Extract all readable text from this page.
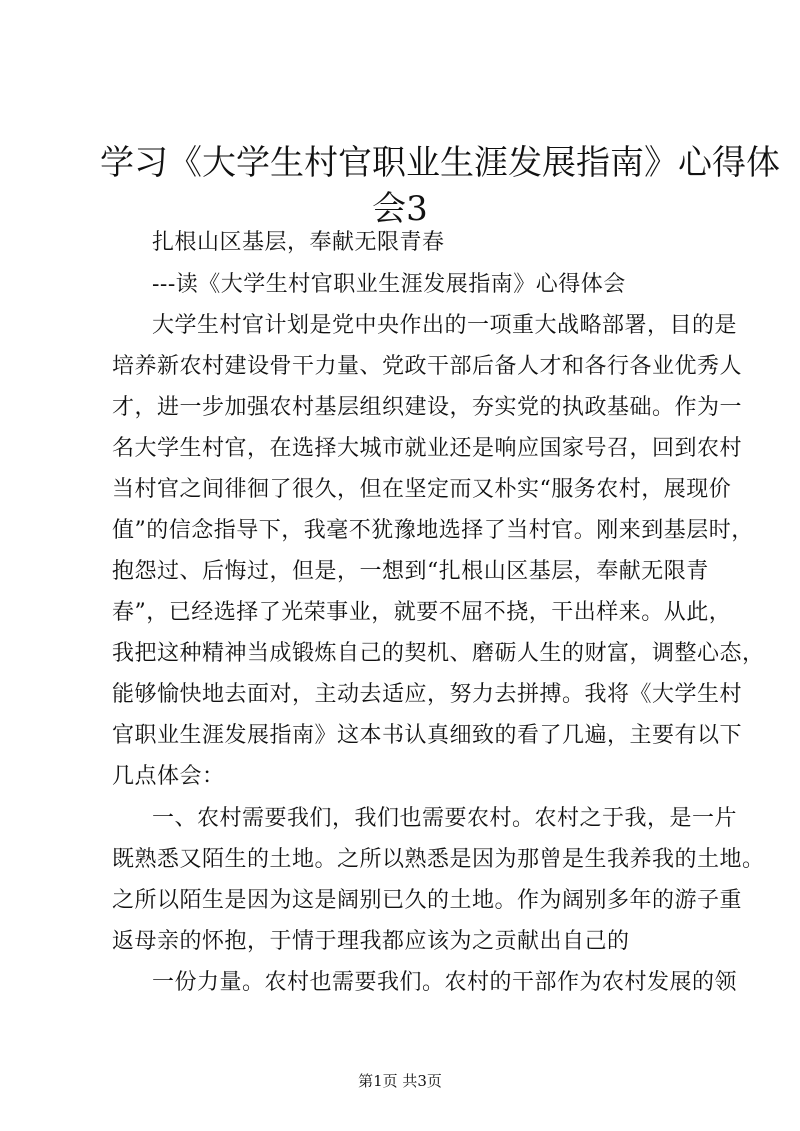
学习《大学生村官职业生涯发展指南》心得体
会3
扎根山区基层，奉献无限青春
---读《大学生村官职业生涯发展指南》心得体会
大学生村官计划是党中央作出的一项重大战略部署，目的是
培养新农村建设骨干力量、党政干部后备人才和各行各业优秀人
才，进一步加强农村基层组织建设，夯实党的执政基础。作为一
名大学生村官，在选择大城市就业还是响应国家号召，回到农村
当村官之间徘徊了很久，但在坚定而又朴实“服务农村，展现价
值”的信念指导下，我毫不犹豫地选择了当村官。刚来到基层时，
抱怨过、后悔过，但是，一想到“扎根山区基层，奉献无限青
春”，已经选择了光荣事业，就要不屈不挠，干出样来。从此，
我把这种精神当成锻炼自己的契机、磨砺人生的财富，调整心态，
能够愉快地去面对，主动去适应，努力去拼搏。我将《大学生村
官职业生涯发展指南》这本书认真细致的看了几遍，主要有以下
几点体会：
一、农村需要我们，我们也需要农村。农村之于我，是一片
既熟悉又陌生的土地。之所以熟悉是因为那曾是生我养我的土地。
之所以陌生是因为这是阔别已久的土地。作为阔别多年的游子重
返母亲的怀抱，于情于理我都应该为之贡献出自己的
一份力量。农村也需要我们。农村的干部作为农村发展的领
第1页 共3页
